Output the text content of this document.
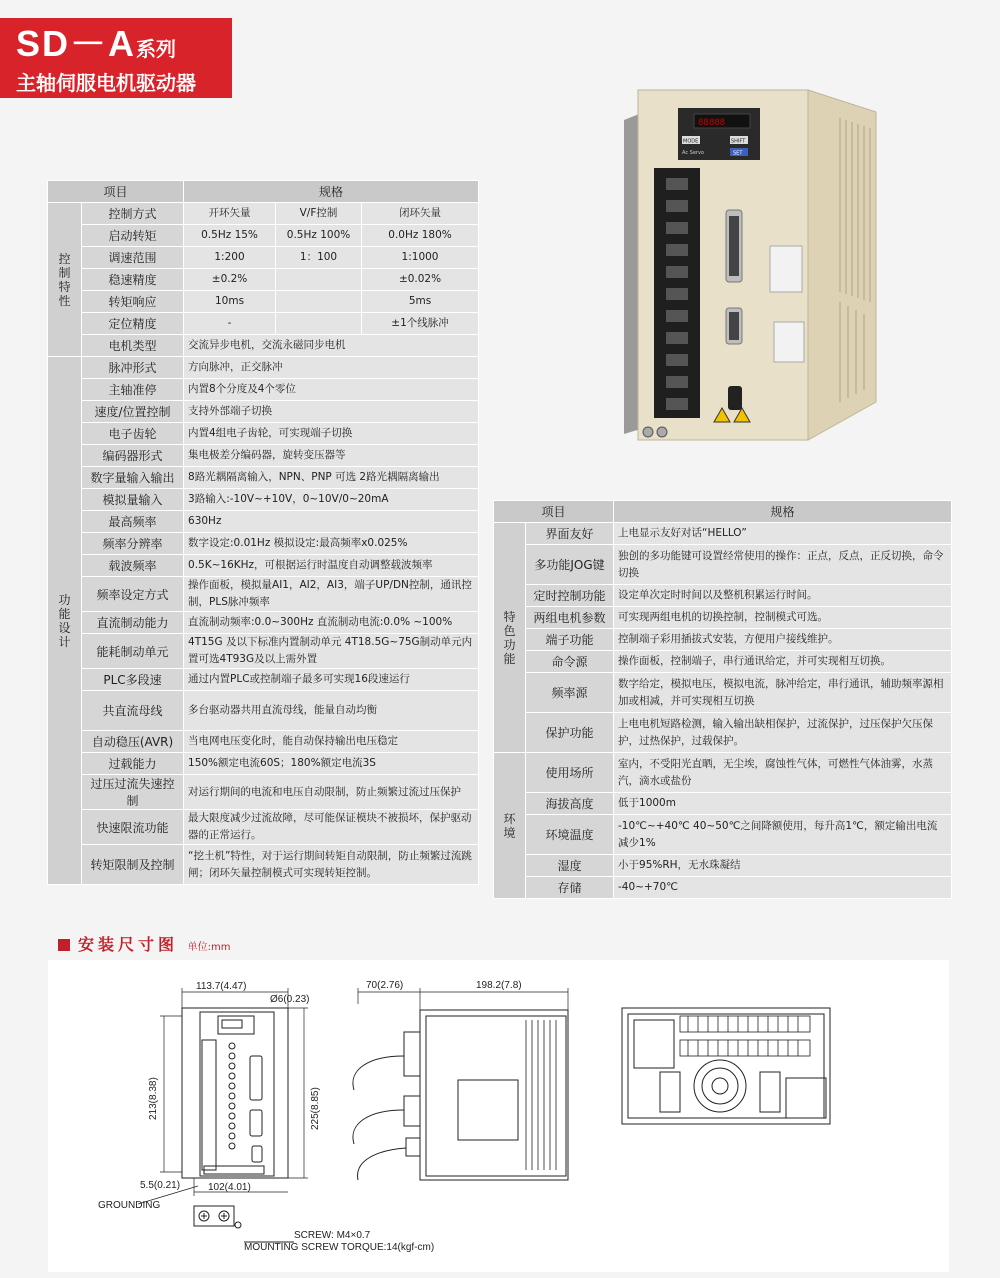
SD－A系列
主轴伺服电机驱动器
88888
MODE	SHIFT
SET
Ac Servo
项目		规格		
控制特性	控制方式	开环矢量	V/F控制	闭环矢量
	启动转矩	0.5Hz 15%	0.5Hz 100%	0.0Hz 180%
	调速范围	1:200	1：100	1:1000
	稳速精度	±0.2%		±0.02%
	转矩响应	10ms		5ms
	定位精度	-		±1个线脉冲
	电机类型	交流异步电机，交流永磁同步电机		
功能设计	脉冲形式	方向脉冲，正交脉冲		
	主轴准停	内置8个分度及4个零位		
	速度/位置控制	支持外部端子切换		
	电子齿轮	内置4组电子齿轮，可实现端子切换		
	编码器形式	集电极差分编码器，旋转变压器等		
	数字量输入输出	8路光耦隔离输入，NPN、PNP 可选 2路光耦隔离输出		
	模拟量输入	3路输入:-10V~+10V，0~10V/0~20mA		
	最高频率	630Hz		
	频率分辨率	数字设定:0.01Hz 模拟设定:最高频率x0.025%		
	载波频率	0.5K~16KHz，可根据运行时温度自动调整载波频率		
	频率设定方式	操作面板，模拟量AI1，AI2，AI3，端子UP/DN控制，通讯控制，PLS脉冲频率		
	直流制动能力	直流制动频率:0.0~300Hz 直流制动电流:0.0% ~100%		
	能耗制动单元	4T15G 及以下标准内置制动单元 4T18.5G~75G制动单元内置可选4T93G及以上需外置		
	PLC多段速	通过内置PLC或控制端子最多可实现16段速运行		
	共直流母线	多台驱动器共用直流母线，能量自动均衡		
	自动稳压(AVR)	当电网电压变化时，能自动保持输出电压稳定		
	过载能力	150%额定电流60S；180%额定电流3S		
	过压过流失速控制	对运行期间的电流和电压自动限制，防止频繁过流过压保护		
	快速限流功能	最大限度减少过流故障，尽可能保证模块不被损坏，保护驱动器的正常运行。		
	转矩限制及控制	“挖土机”特性，对于运行期间转矩自动限制，防止频繁过流跳闸；闭环矢量控制模式可实现转矩控制。		
项目		规格
特色功能	界面友好	上电显示友好对话“HELLO”
	多功能JOG键	独创的多功能键可设置经常使用的操作：正点，反点，正反切换，命令切换
	定时控制功能	设定单次定时时间以及整机积累运行时间。
	两组电机参数	可实现两组电机的切换控制，控制模式可选。
	端子功能	控制端子彩用插拔式安装，方便用户接线维护。
	命令源	操作面板，控制端子，串行通讯给定，并可实现相互切换。
	频率源	数字给定，模拟电压，模拟电流，脉冲给定，串行通讯，辅助频率源相加或相减，并可实现相互切换
	保护功能	上电电机短路检测，输入输出缺相保护，过流保护，过压保护欠压保护，过热保护，过载保护。
环境	使用场所	室内，不受阳光直晒，无尘埃，腐蚀性气体，可燃性气体油雾，水蒸汽，滴水或盐份
	海拔高度	低于1000m
	环境温度	-10℃~+40℃ 40~50℃之间降额使用，每升高1℃，额定输出电流减少1%
	湿度	小于95%RH，无水珠凝结
	存储	-40~+70℃
安装尺寸图 单位:mm
113.7(4.47)
Ø6(0.23)
213(8.38)	225(8.85)
5.5(0.21)	102(4.01)
GROUNDING
SCREW: M4×0.7
MOUNTING SCREW TORQUE:14(kgf-cm)
70(2.76)	198.2(7.8)
